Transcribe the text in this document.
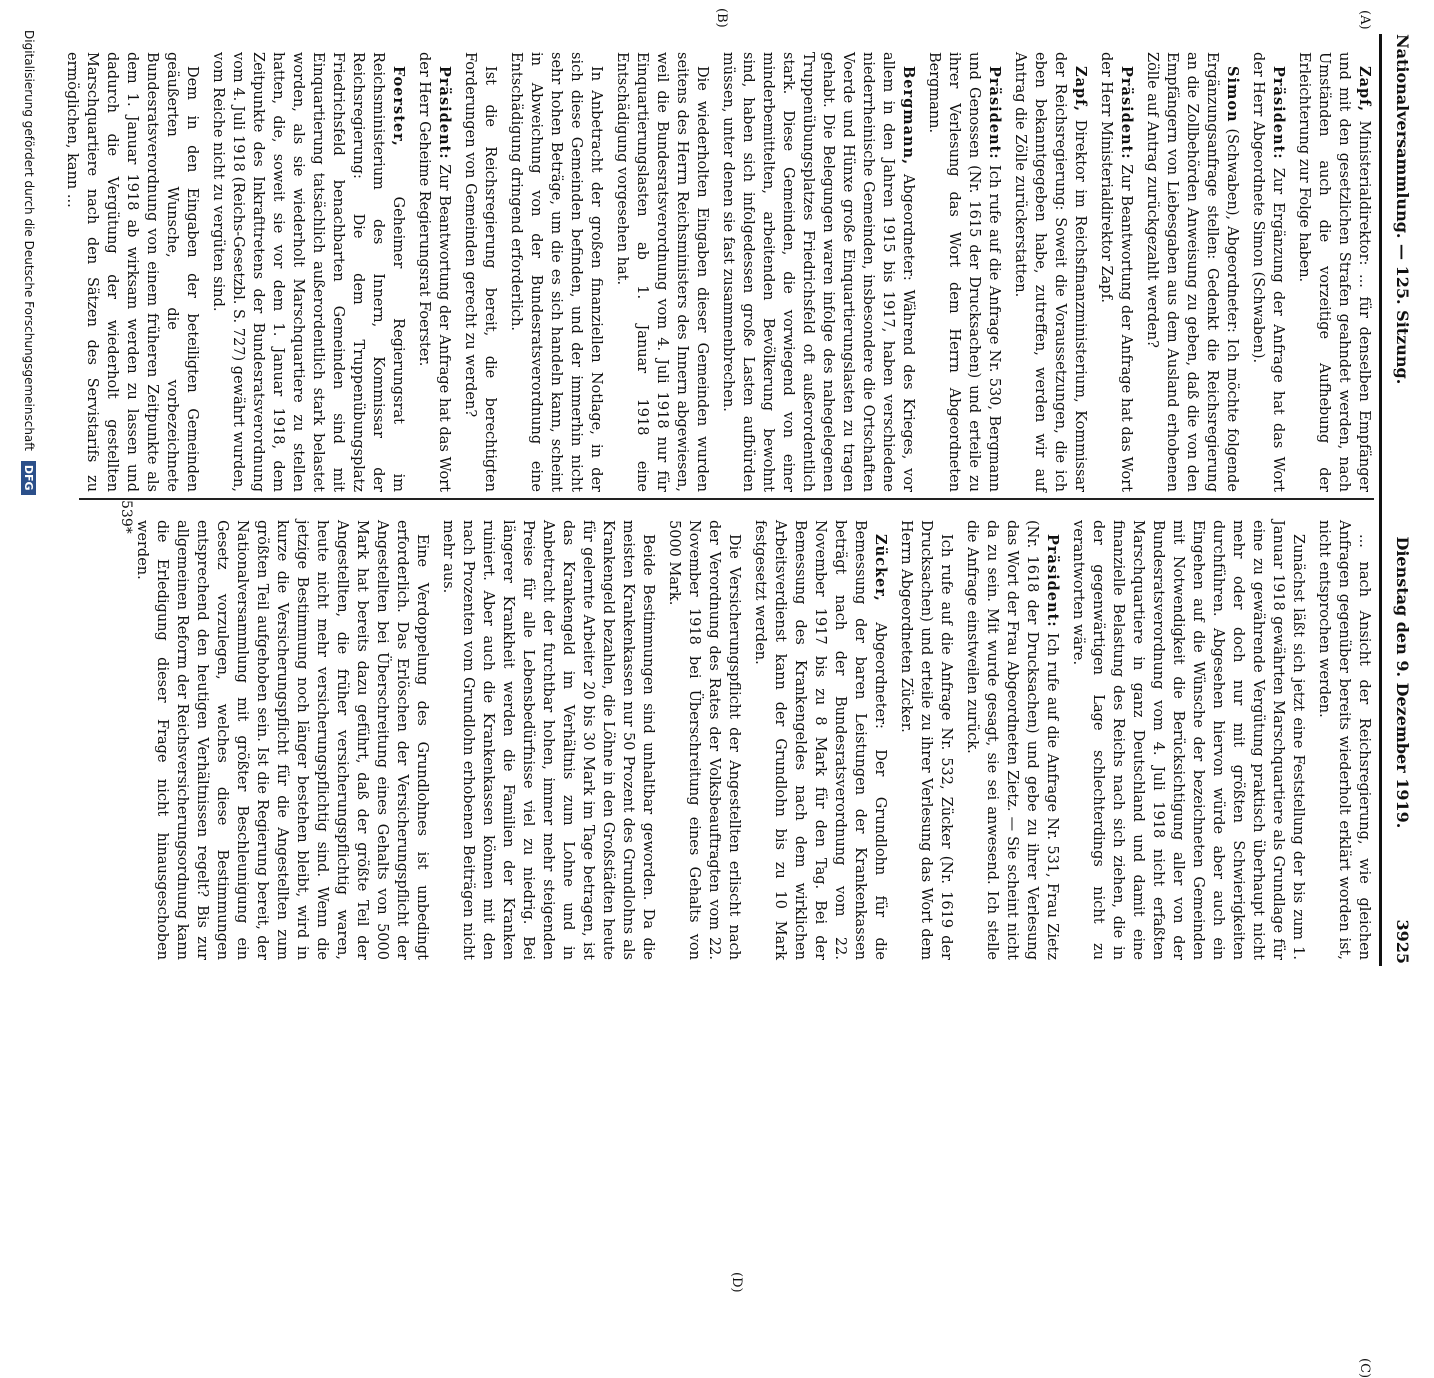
Nationalversammlung. — 125. Sitzung.
Dienstag den 9. Dezember 1919.  3925
(A)
(B)
(C)
(D)

Zapf, Ministerialdirektor: ... für denselben Empfänger und mit den gesetzlichen Strafen geahndet werden, nach Umständen auch die vorzeitige Aufhebung der Erleichterung zur Folge haben.

Präsident: Zur Ergänzung der Anfrage hat das Wort der Herr Abgeordnete Simon (Schwaben).

Simon (Schwaben), Abgeordneter: Ich möchte folgende Ergänzungsanfrage stellen: Gedenkt die Reichsregierung an die Zollbehörden Anweisung zu geben, daß die von den Empfängern von Liebesgaben aus dem Ausland erhobenen Zölle auf Antrag zurückgezahlt werden?

Präsident: Zur Beantwortung der Anfrage hat das Wort der Herr Ministerialdirektor Zapf.

Zapf, Direktor im Reichsfinanzministerium, Kommissar der Reichsregierung: Soweit die Voraussetzungen, die ich eben bekanntgegeben habe, zutreffen, werden wir auf Antrag die Zölle zurückerstatten.

Präsident: Ich rufe auf die Anfrage Nr. 530, Bergmann und Genossen (Nr. 1615 der Drucksachen) und erteile zu ihrer Verlesung das Wort dem Herrn Abgeordneten Bergmann.

Bergmann, Abgeordneter: Während des Krieges, vor allem in den Jahren 1915 bis 1917, haben verschiedene niederrheinische Gemeinden, insbesondere die Ortschaften Voerde und Hünxe große Einquartierungslasten zu tragen gehabt. Die Belegungen waren infolge des nahegelegenen Truppenübungsplatzes Friedrichsfeld oft außerordentlich stark. Diese Gemeinden, die vorwiegend von einer minderbemittelten, arbeitenden Bevölkerung bewohnt sind, haben sich infolgedessen große Lasten aufbürden müssen, unter denen sie fast zusammenbrechen.

Die wiederholten Eingaben dieser Gemeinden wurden seitens des Herrn Reichsministers des Innern abgewiesen, weil die Bundesratsverordnung vom 4. Juli 1918 nur für Einquartierungslasten ab 1. Januar 1918 eine Entschädigung vorgesehen hat.

In Anbetracht der großen finanziellen Notlage, in der sich diese Gemeinden befinden, und der immerhin nicht sehr hohen Beträge, um die es sich handeln kann, scheint in Abweichung von der Bundesratsverordnung eine Entschädigung dringend erforderlich.

Ist die Reichsregierung bereit, die berechtigten Forderungen von Gemeinden gerecht zu werden?

Präsident: Zur Beantwortung der Anfrage hat das Wort der Herr Geheime Regierungsrat Foerster.

Foerster, Geheimer Regierungsrat im Reichsministerium des Innern, Kommissar der Reichsregierung: Die dem Truppenübungsplatz Friedrichsfeld benachbarten Gemeinden sind mit Einquartierung tatsächlich außerordentlich stark belastet worden, als sie wiederholt Marschquartiere zu stellen hatten, die, soweit sie vor dem 1. Januar 1918, dem Zeitpunkte des Inkrafttretens der Bundesratsverordnung vom 4. Juli 1918 (Reichs-Gesetzbl. S. 727) gewährt wurden, vom Reiche nicht zu vergüten sind.

Dem in den Eingaben der beteiligten Gemeinden geäußerten Wunsche, die vorbezeichnete Bundesratsverordnung von einem früheren Zeitpunkte als dem 1. Januar 1918 ab wirksam werden zu lassen und dadurch die Vergütung der wiederholt gestellten Marschquartiere nach den Sätzen des Servistarifs zu ermöglichen, kann ...

... nach Ansicht der Reichsregierung, wie gleichen Anfragen gegenüber bereits wiederholt erklärt worden ist, nicht entsprochen werden.

Zunächst läßt sich jetzt eine Feststellung der bis zum 1. Januar 1918 gewährten Marschquartiere als Grundlage für eine zu gewährende Vergütung praktisch überhaupt nicht mehr oder doch nur mit größten Schwierigkeiten durchführen. Abgesehen hiervon würde aber auch ein Eingehen auf die Wünsche der bezeichneten Gemeinden mit Notwendigkeit die Berücksichtigung aller von der Bundesratsverordnung vom 4. Juli 1918 nicht erfaßten Marschquartiere in ganz Deutschland und damit eine finanzielle Belastung des Reichs nach sich ziehen, die in der gegenwärtigen Lage schlechterdings nicht zu verantworten wäre.

Präsident: Ich rufe auf die Anfrage Nr. 531, Frau Zietz (Nr. 1618 der Drucksachen) und gebe zu ihrer Verlesung das Wort der Frau Abgeordneten Zietz. — Sie scheint nicht da zu sein. Mit wurde gesagt, sie sei anwesend. Ich stelle die Anfrage einstweilen zurück.

Ich rufe auf die Anfrage Nr. 532, Zücker (Nr. 1619 der Drucksachen) und erteile zu ihrer Verlesung das Wort dem Herrn Abgeordneten Zücker.

Zücker, Abgeordneter: Der Grundlohn für die Bemessung der baren Leistungen der Krankenkassen beträgt nach der Bundesratsverordnung vom 22. November 1917 bis zu 8 Mark für den Tag. Bei der Bemessung des Krankengeldes nach dem wirklichen Arbeitsverdienst kann der Grundlohn bis zu 10 Mark festgesetzt werden.

Die Versicherungspflicht der Angestellten erlischt nach der Verordnung des Rates der Volksbeauftragten vom 22. November 1918 bei Überschreitung eines Gehalts von 5000 Mark.

Beide Bestimmungen sind unhaltbar geworden. Da die meisten Krankenkassen nur 50 Prozent des Grundlohns als Krankengeld bezahlen, die Löhne in den Großstädten heute für gelernte Arbeiter 20 bis 30 Mark im Tage betragen, ist das Krankengeld im Verhältnis zum Lohne und in Anbetracht der furchtbar hohen, immer mehr steigenden Preise für alle Lebensbedürfnisse viel zu niedrig. Bei längerer Krankheit werden die Familien der Kranken ruiniert. Aber auch die Krankenkassen können mit den nach Prozenten vom Grundlohn erhobenen Beiträgen nicht mehr aus.

Eine Verdoppelung des Grundlohnes ist unbedingt erforderlich. Das Erlöschen der Versicherungspflicht der Angestellten bei Überschreitung eines Gehalts von 5000 Mark hat bereits dazu geführt, daß der größte Teil der Angestellten, die früher versicherungspflichtig waren, heute nicht mehr versicherungspflichtig sind. Wenn die jetzige Bestimmung noch länger bestehen bleibt, wird in kurze die Versicherungspflicht für die Angestellten zum größten Teil aufgehoben sein. Ist die Regierung bereit, der Nationalversammlung mit größter Beschleunigung ein Gesetz vorzulegen, welches diese Bestimmungen entsprechend den heutigen Verhältnissen regelt? Bis zur allgemeinen Reform der Reichsversicherungsordnung kann die Erledigung dieser Frage nicht hinausgeschoben werden.

539*
Digitalisierung gefördert durch die Deutsche Forschungsgemeinschaft DFG
